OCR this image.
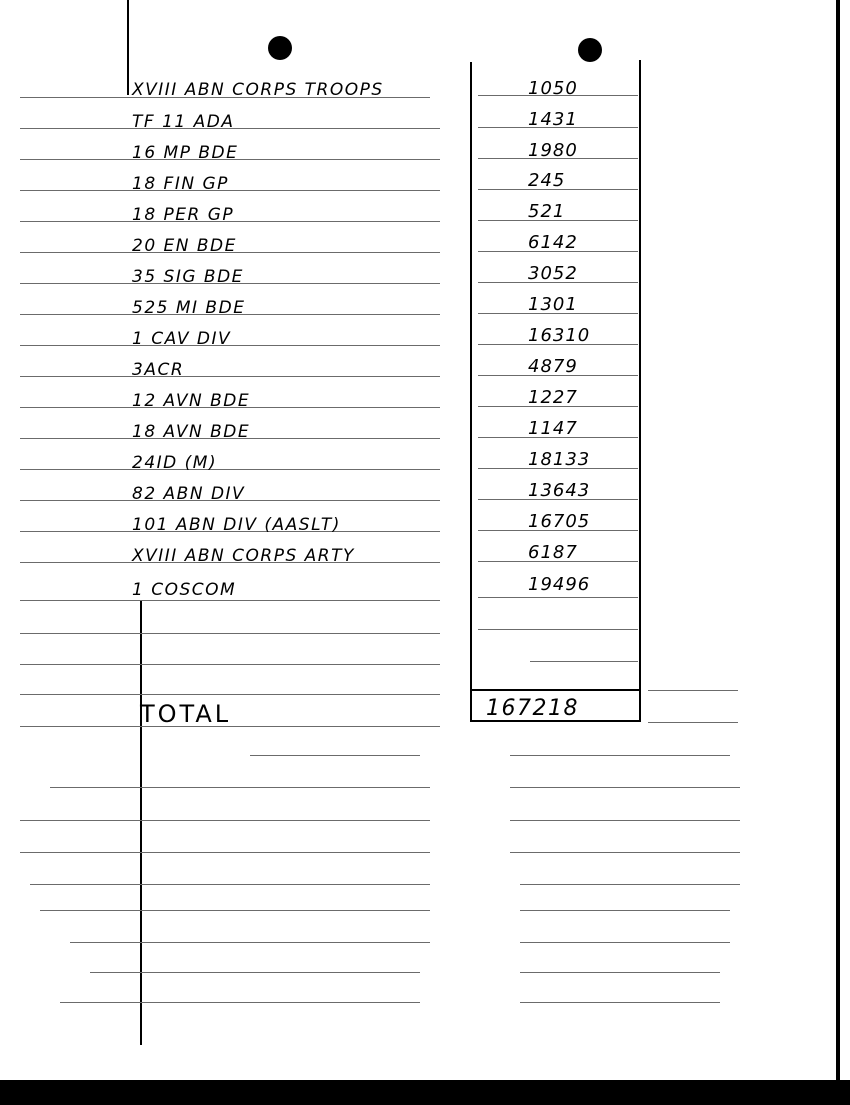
XVIII ABN CORPS TROOPS	1050
TF 11 ADA	1431
16 MP BDE	1980
18 FIN GP	245
18 PER GP	521
20 EN BDE	6142
35 SIG BDE	3052
525 MI BDE	1301
1 CAV DIV	16310
3ACR	4879
12 AVN BDE	1227
18 AVN BDE	1147
24ID (M)	18133
82 ABN DIV	13643
101 ABN DIV (AASLT)	16705
XVIII ABN CORPS ARTY	6187
1 COSCOM	19496
TOTAL	167218
